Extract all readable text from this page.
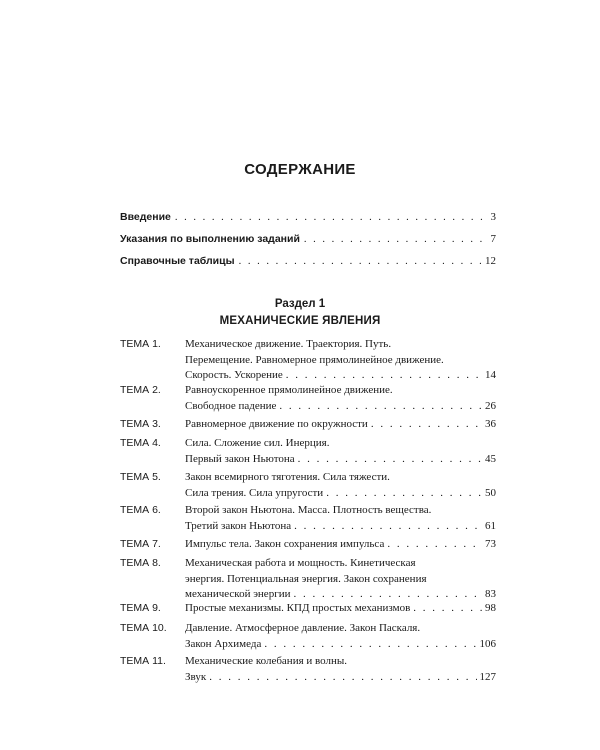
СОДЕРЖАНИЕ
Введение . . .	3
Указания по выполнению заданий . . .	7
Справочные таблицы . . .	12
Раздел 1
МЕХАНИЧЕСКИЕ ЯВЛЕНИЯ
ТЕМА 1. Механическое движение. Траектория. Путь.
Перемещение. Равномерное прямолинейное движение.
Скорость. Ускорение . . .	14
ТЕМА 2. Равноускоренное прямолинейное движение.
Свободное падение . . .	26
ТЕМА 3. Равномерное движение по окружности . . .	36
ТЕМА 4. Сила. Сложение сил. Инерция.
Первый закон Ньютона . . .	45
ТЕМА 5. Закон всемирного тяготения. Сила тяжести.
Сила трения. Сила упругости . . .	50
ТЕМА 6. Второй закон Ньютона. Масса. Плотность вещества.
Третий закон Ньютона . . .	61
ТЕМА 7. Импульс тела. Закон сохранения импульса . . .	73
ТЕМА 8. Механическая работа и мощность. Кинетическая
энергия. Потенциальная энергия. Закон сохранения
механической энергии . . .	83
ТЕМА 9. Простые механизмы. КПД простых механизмов . . .	98
ТЕМА 10. Давление. Атмосферное давление. Закон Паскаля.
Закон Архимеда . . .	106
ТЕМА 11. Механические колебания и волны.
Звук . . .	127
